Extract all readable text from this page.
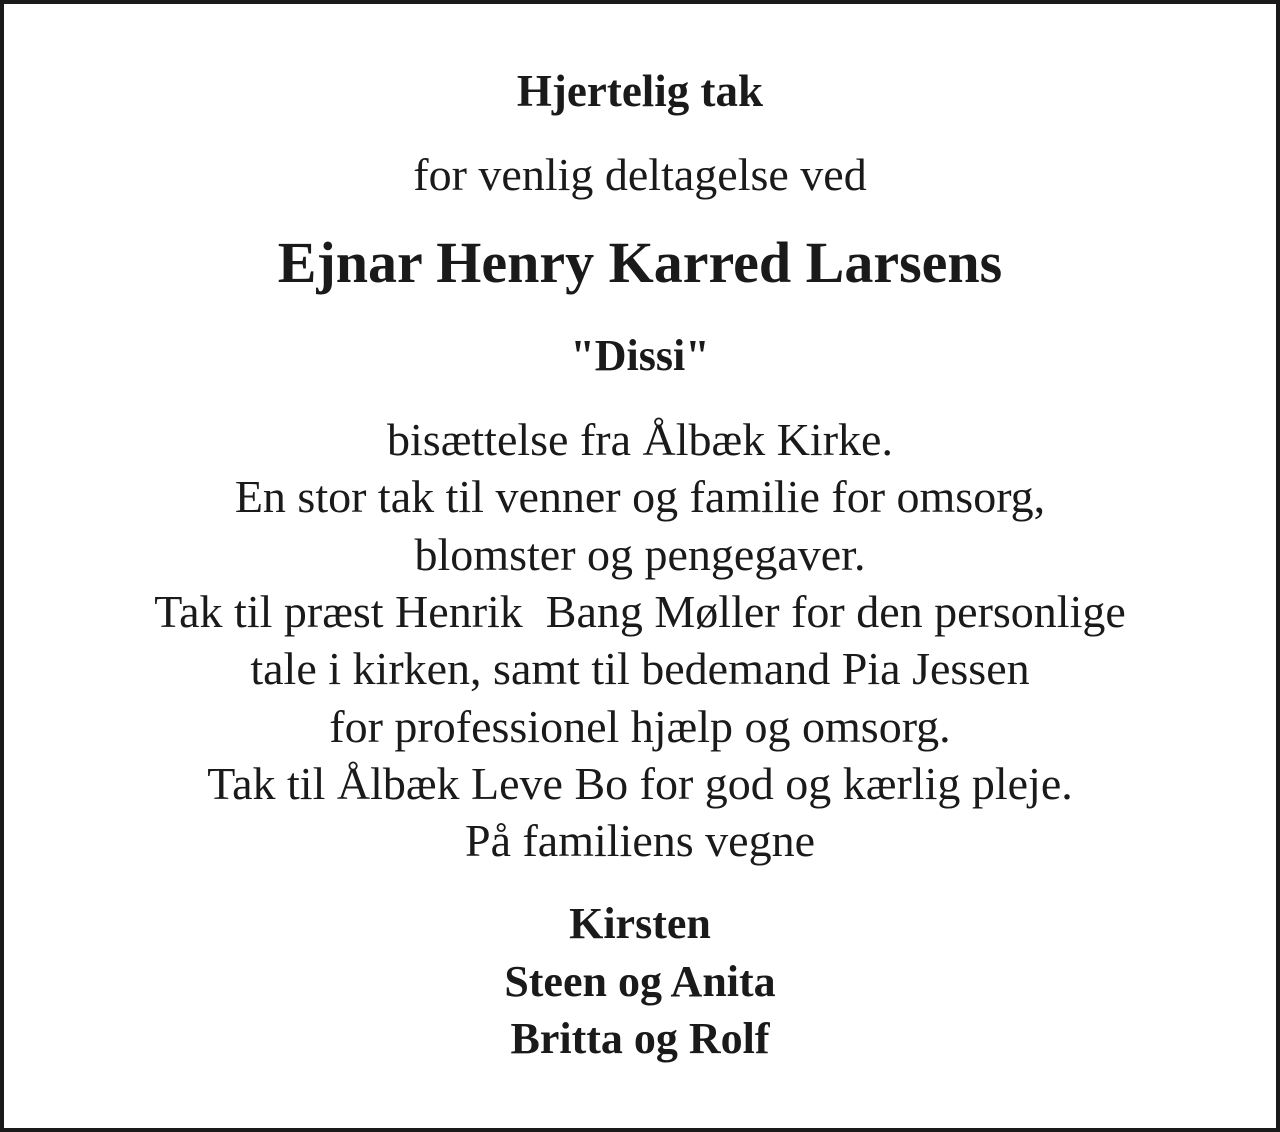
Hjertelig tak
for venlig deltagelse ved
Ejnar Henry Karred Larsens
"Dissi"
bisættelse fra Ålbæk Kirke.
En stor tak til venner og familie for omsorg,
blomster og pengegaver.
Tak til præst Henrik  Bang Møller for den personlige
tale i kirken, samt til bedemand Pia Jessen
for professionel hjælp og omsorg.
Tak til Ålbæk Leve Bo for god og kærlig pleje.
På familiens vegne
Kirsten
Steen og Anita
Britta og Rolf
